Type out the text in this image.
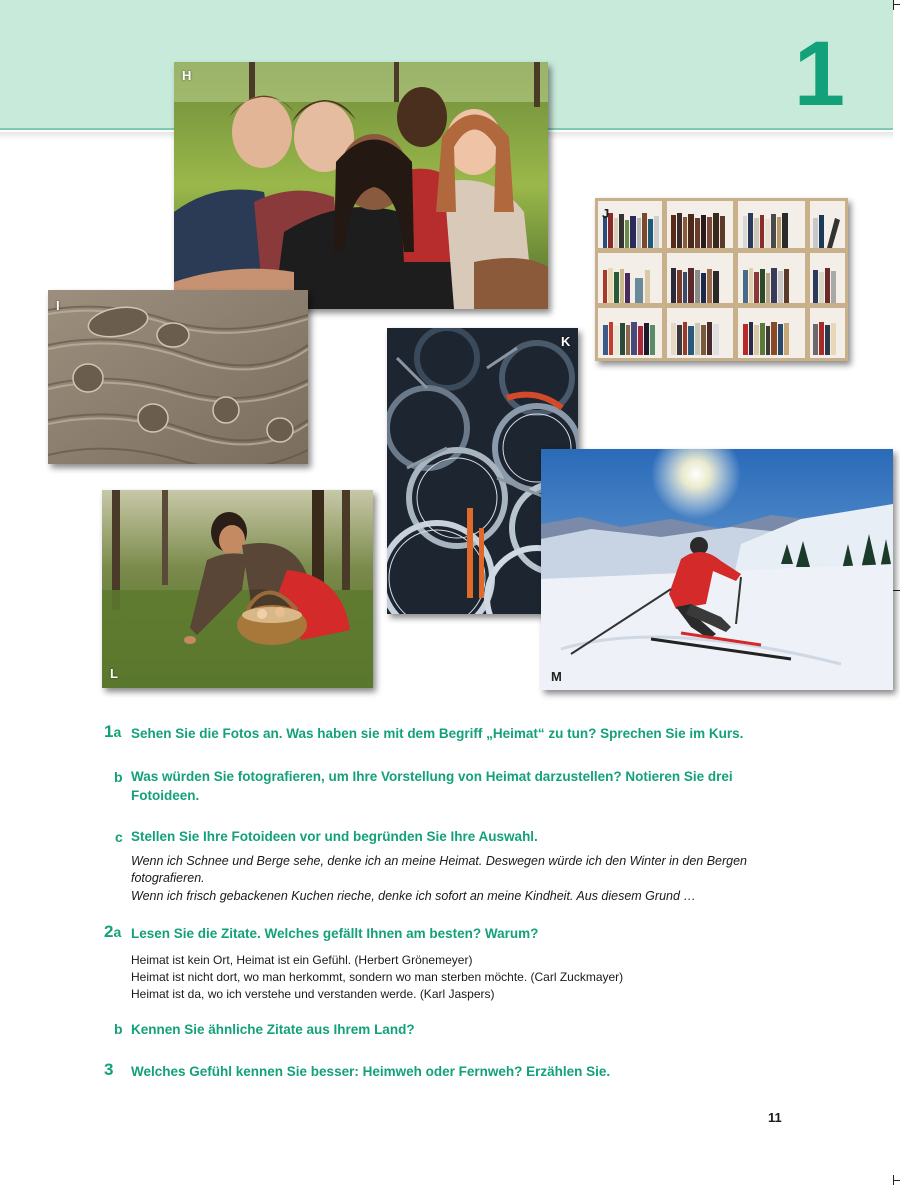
1
H
J
I
K
L	M
1a Sehen Sie die Fotos an. Was haben sie mit dem Begriff „Heimat“ zu tun? Sprechen Sie im Kurs.
b Was würden Sie fotografieren, um Ihre Vorstellung von Heimat darzustellen? Notieren Sie drei Fotoideen.
c Stellen Sie Ihre Fotoideen vor und begründen Sie Ihre Auswahl.
Wenn ich Schnee und Berge sehe, denke ich an meine Heimat. Deswegen würde ich den Winter in den Bergen fotografieren.
Wenn ich frisch gebackenen Kuchen rieche, denke ich sofort an meine Kindheit. Aus diesem Grund …
2a Lesen Sie die Zitate. Welches gefällt Ihnen am besten? Warum?
Heimat ist kein Ort, Heimat ist ein Gefühl. (Herbert Grönemeyer)
Heimat ist nicht dort, wo man herkommt, sondern wo man sterben möchte. (Carl Zuckmayer)
Heimat ist da, wo ich verstehe und verstanden werde. (Karl Jaspers)
b Kennen Sie ähnliche Zitate aus Ihrem Land?
3 Welches Gefühl kennen Sie besser: Heimweh oder Fernweh? Erzählen Sie.
11
